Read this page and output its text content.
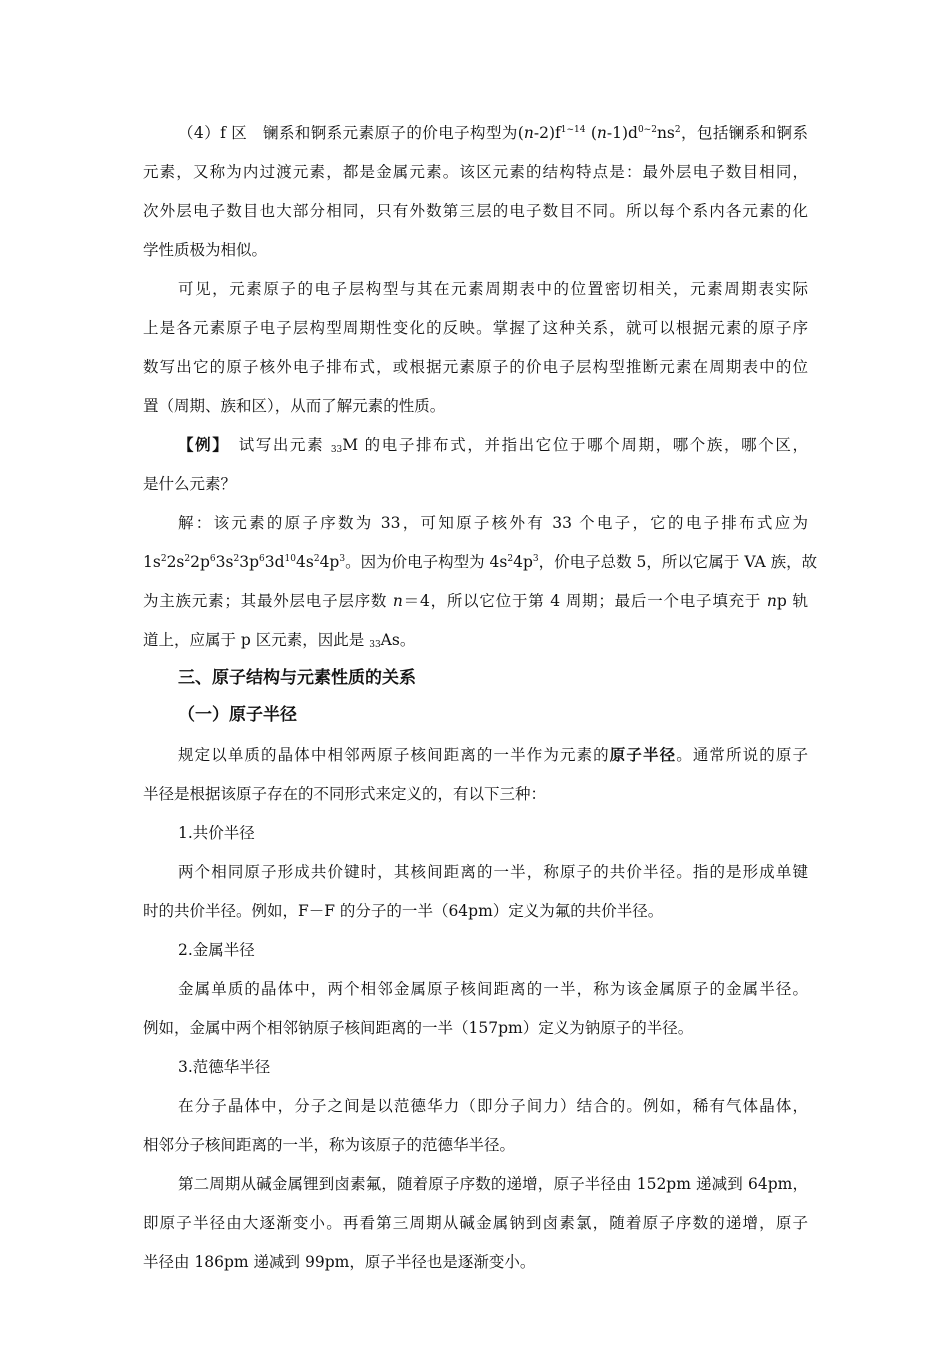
（4）f 区　镧系和锕系元素原子的价电子构型为$(n-2)f^{1\sim 14}$ $(n-1)d^{0\sim 2}ns^2$，包括镧系和锕系
元素，又称为内过渡元素，都是金属元素。该区元素的结构特点是：最外层电子数目相同，
次外层电子数目也大部分相同，只有外数第三层的电子数目不同。所以每个系内各元素的化
学性质极为相似。
可见，元素原子的电子层构型与其在元素周期表中的位置密切相关，元素周期表实际
上是各元素原子电子层构型周期性变化的反映。掌握了这种关系，就可以根据元素的原子序
数写出它的原子核外电子排布式，或根据元素原子的价电子层构型推断元素在周期表中的位
置（周期、族和区），从而了解元素的性质。
【例】　试写出元素 $_{33}$M 的电子排布式，并指出它位于哪个周期，哪个族，哪个区，
是什么元素？
解：该元素的原子序数为 33，可知原子核外有 33 个电子，它的电子排布式应为
$1s^22s^22p^63s^23p^63d^{10}4s^24p^3$。因为价电子构型为 $4s^24p^3$，价电子总数 5，所以它属于 VA 族，故
为主族元素；其最外层电子层序数 n＝4，所以它位于第 4 周期；最后一个电子填充于 np 轨
道上，应属于 p 区元素，因此是 $_{33}$As。
三、原子结构与元素性质的关系
（一）原子半径
规定以单质的晶体中相邻两原子核间距离的一半作为元素的原子半径。通常所说的原子
半径是根据该原子存在的不同形式来定义的，有以下三种：
1.共价半径
两个相同原子形成共价键时，其核间距离的一半，称原子的共价半径。指的是形成单键
时的共价半径。例如，F－F 的分子的一半（64pm）定义为氟的共价半径。
2.金属半径
金属单质的晶体中，两个相邻金属原子核间距离的一半，称为该金属原子的金属半径。
例如，金属中两个相邻钠原子核间距离的一半（157pm）定义为钠原子的半径。
3.范德华半径
在分子晶体中，分子之间是以范德华力（即分子间力）结合的。例如，稀有气体晶体，
相邻分子核间距离的一半，称为该原子的范德华半径。
第二周期从碱金属锂到卤素氟，随着原子序数的递增，原子半径由 152pm 递减到 64pm，
即原子半径由大逐渐变小。再看第三周期从碱金属钠到卤素氯，随着原子序数的递增，原子
半径由 186pm 递减到 99pm，原子半径也是逐渐变小。
